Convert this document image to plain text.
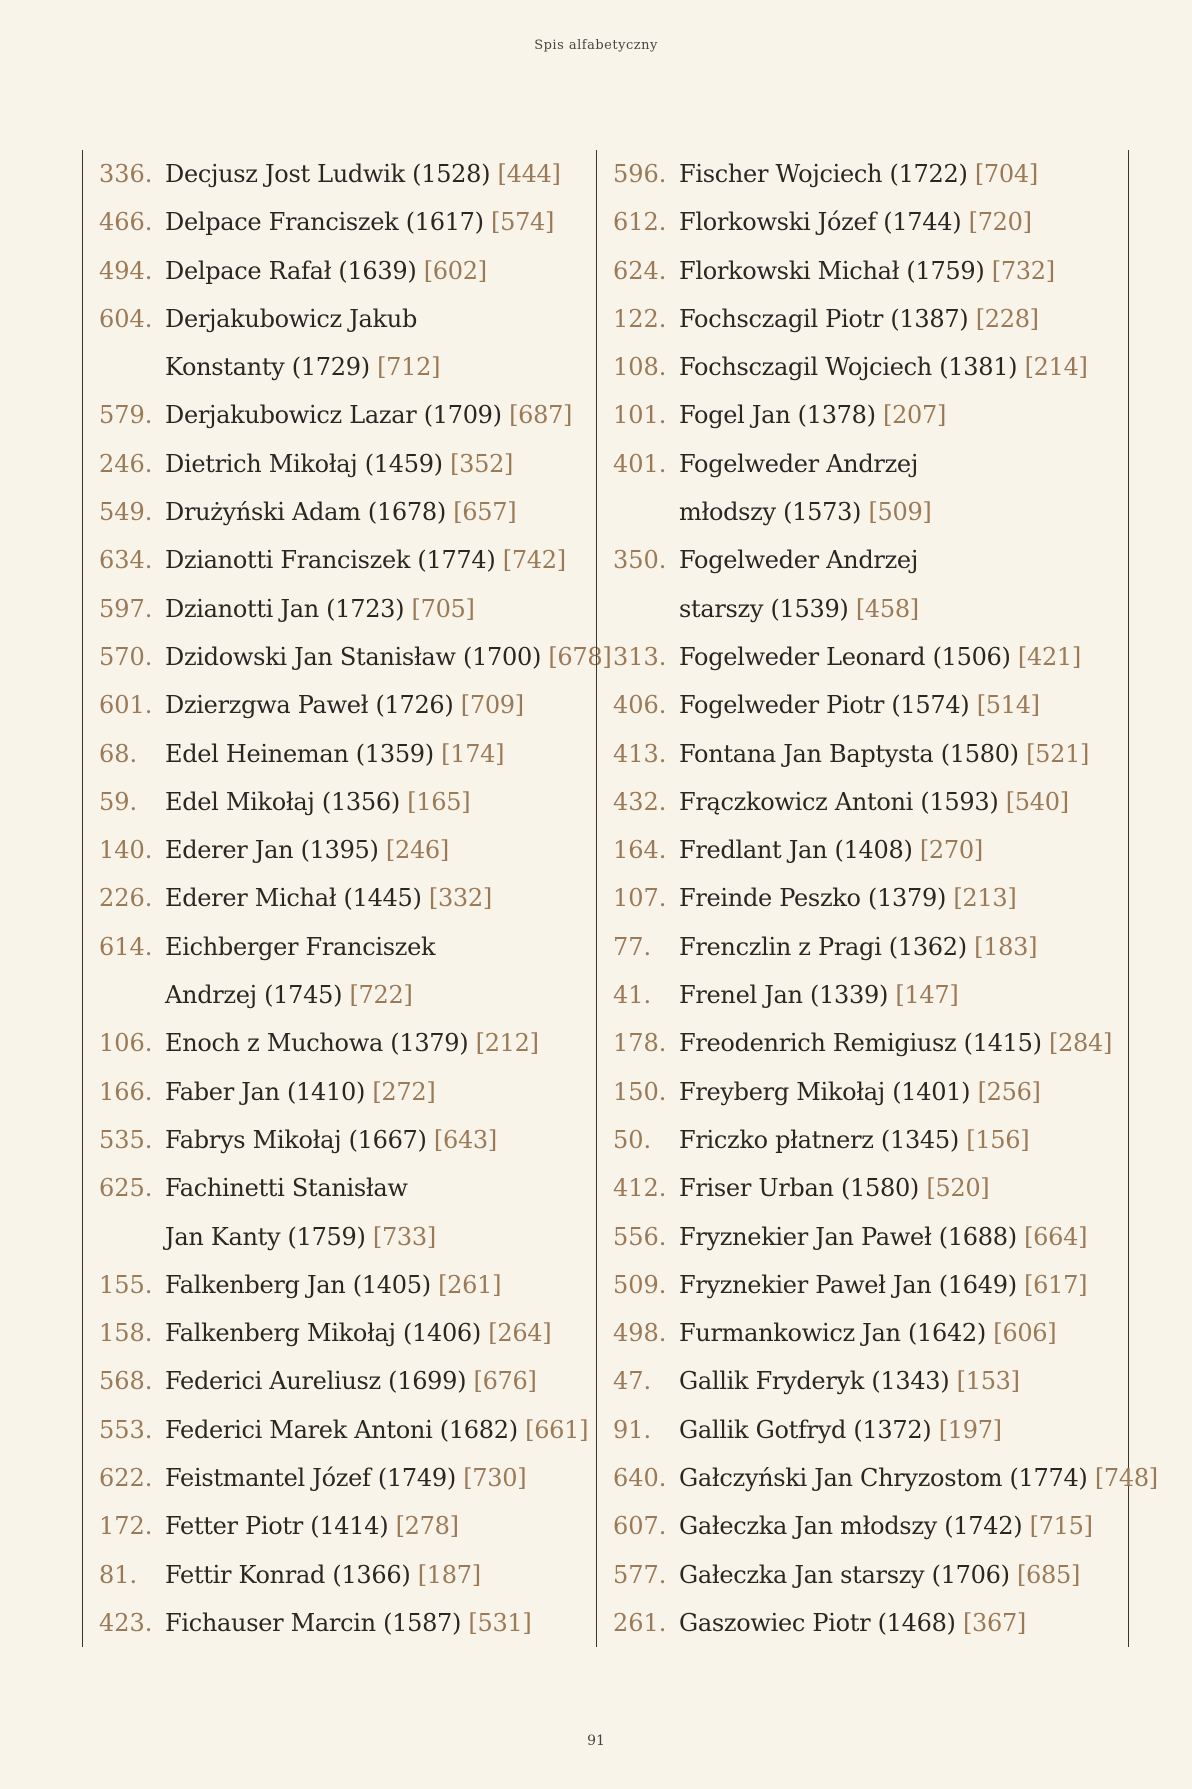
Spis alfabetyczny
336. Decjusz Jost Ludwik (1528) [444]
466. Delpace Franciszek (1617) [574]
494. Delpace Rafał (1639) [602]
604. Derjakubowicz Jakub
Konstanty (1729) [712]
579. Derjakubowicz Lazar (1709) [687]
246. Dietrich Mikołaj (1459) [352]
549. Drużyński Adam (1678) [657]
634. Dzianotti Franciszek (1774) [742]
597. Dzianotti Jan (1723) [705]
570. Dzidowski Jan Stanisław (1700) [678]
601. Dzierzgwa Paweł (1726) [709]
68.	Edel Heineman (1359) [174]
59.	Edel Mikołaj (1356) [165]
140. Ederer Jan (1395) [246]
226. Ederer Michał (1445) [332]
614. Eichberger Franciszek
Andrzej (1745) [722]
106. Enoch z Muchowa (1379) [212]
166. Faber Jan (1410) [272]
535. Fabrys Mikołaj (1667) [643]
625. Fachinetti Stanisław
Jan Kanty (1759) [733]
155. Falkenberg Jan (1405) [261]
158. Falkenberg Mikołaj (1406) [264]
568. Federici Aureliusz (1699) [676]
553. Federici Marek Antoni (1682) [661]
622. Feistmantel Józef (1749) [730]
172. Fetter Piotr (1414) [278]
81.	Fettir Konrad (1366) [187]
423. Fichauser Marcin (1587) [531]
596. Fischer Wojciech (1722) [704]
612. Florkowski Józef (1744) [720]
624. Florkowski Michał (1759) [732]
122. Fochsczagil Piotr (1387) [228]
108. Fochsczagil Wojciech (1381) [214]
101. Fogel Jan (1378) [207]
401. Fogelweder Andrzej
młodszy (1573) [509]
350. Fogelweder Andrzej
starszy (1539) [458]
313. Fogelweder Leonard (1506) [421]
406. Fogelweder Piotr (1574) [514]
413. Fontana Jan Baptysta (1580) [521]
432. Frączkowicz Antoni (1593) [540]
164. Fredlant Jan (1408) [270]
107. Freinde Peszko (1379) [213]
77.	Frenczlin z Pragi (1362) [183]
41.	Frenel Jan (1339) [147]
178. Freodenrich Remigiusz (1415) [284]
150. Freyberg Mikołaj (1401) [256]
50.	Friczko płatnerz (1345) [156]
412. Friser Urban (1580) [520]
556. Fryznekier Jan Paweł (1688) [664]
509. Fryznekier Paweł Jan (1649) [617]
498. Furmankowicz Jan (1642) [606]
47.	Gallik Fryderyk (1343) [153]
91.	Gallik Gotfryd (1372) [197]
640. Gałczyński Jan Chryzostom (1774) [748]
607. Gałeczka Jan młodszy (1742) [715]
577. Gałeczka Jan starszy (1706) [685]
261. Gaszowiec Piotr (1468) [367]
91
